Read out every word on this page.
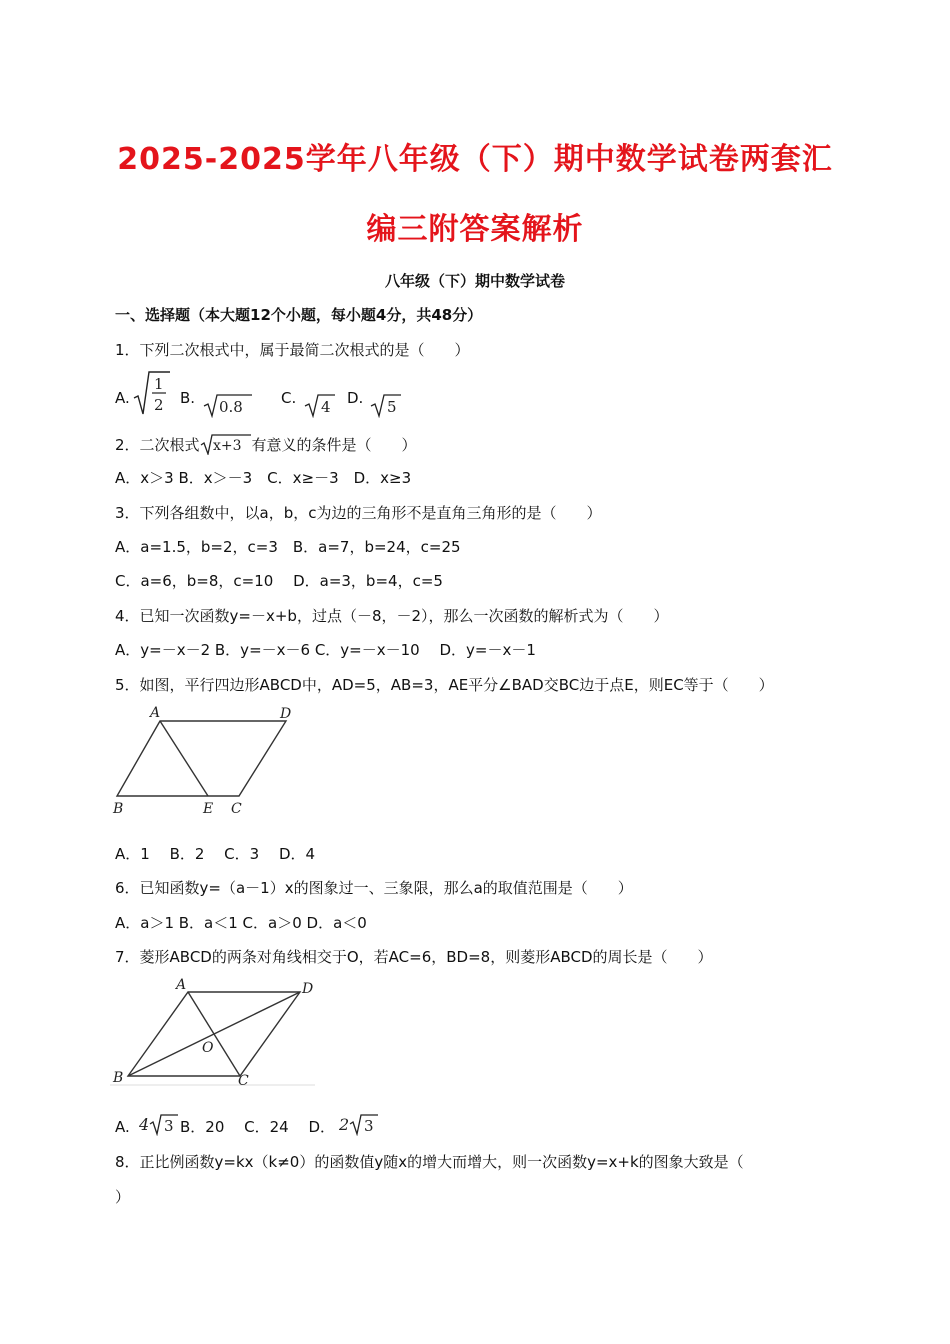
2025-2025学年八年级（下）期中数学试卷两套汇
编三附答案解析
八年级（下）期中数学试卷
一、选择题（本大题12个小题，每小题4分，共48分）
1．下列二次根式中，属于最简二次根式的是（　　）
A.
1
2 B. 0.8	C. 4 D. 5
2．二次根式 x+3 有意义的条件是（　　）
A．x＞3 B．x＞－3　C．x≥－3　D．x≥3
3．下列各组数中，以a，b，c为边的三角形不是直角三角形的是（　　）
A．a=1.5，b=2，c=3　B．a=7，b=24，c=25
C．a=6，b=8，c=10　 D．a=3，b=4，c=5
4．已知一次函数y=－x+b，过点（－8，－2），那么一次函数的解析式为（　　）
A．y=－x－2 B．y=－x－6 C．y=－x－10　 D．y=－x－1
5．如图，平行四边形ABCD中，AD=5，AB=3，AE平分∠BAD交BC边于点E，则EC等于（　　）
A	D
B	E C
A．1　 B．2　 C．3　 D．4
6．已知函数y=（a－1）x的图象过一、三象限，那么a的取值范围是（　　）
A．a＞1 B．a＜1 C．a＞0 D．a＜0
7．菱形ABCD的两条对角线相交于O，若AC=6，BD=8，则菱形ABCD的周长是（　　）
A	D
O
B	C
A. 4 3 B．20　 C．24　 D． 2 3
8．正比例函数y=kx（k≠0）的函数值y随x的增大而增大，则一次函数y=x+k的图象大致是（
）
